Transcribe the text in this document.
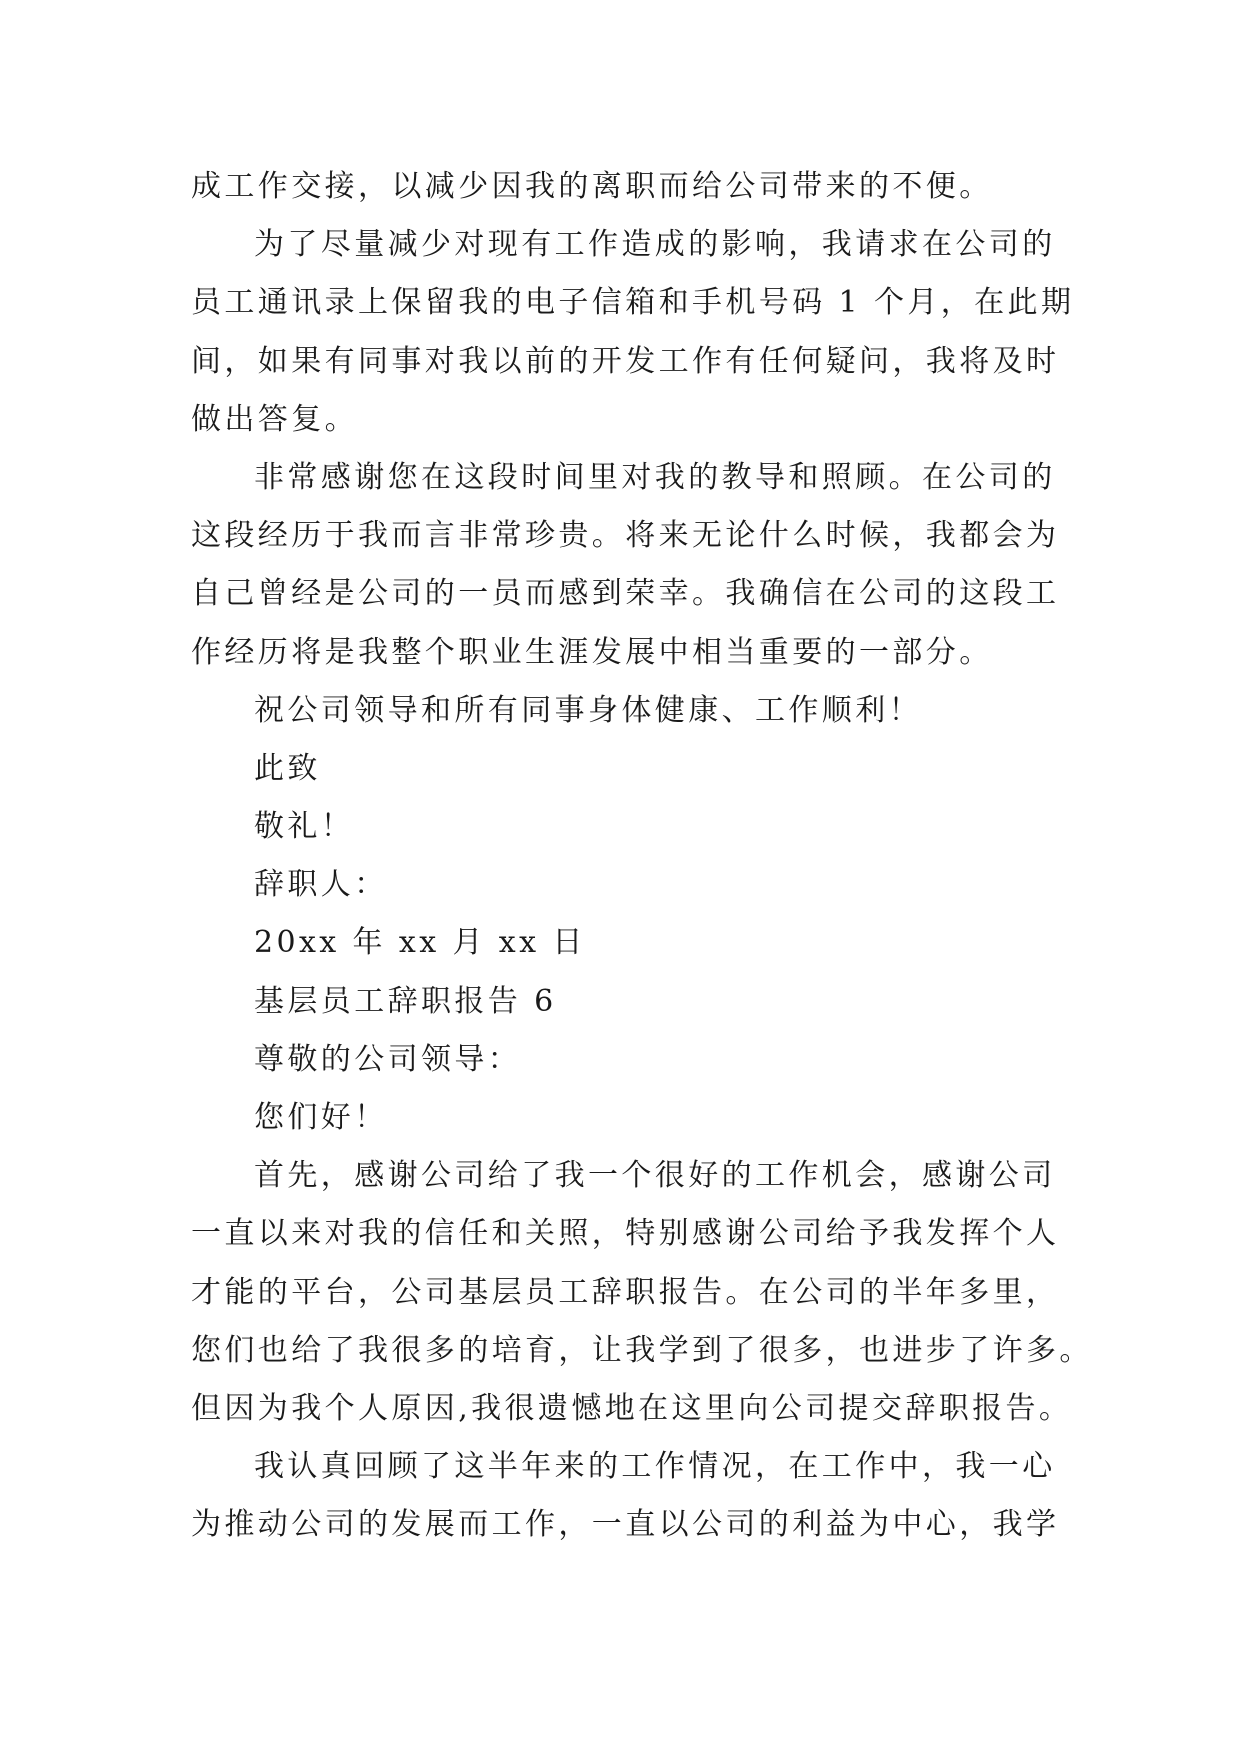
成工作交接，以减少因我的离职而给公司带来的不便。
为了尽量减少对现有工作造成的影响，我请求在公司的
员工通讯录上保留我的电子信箱和手机号码 1 个月，在此期
间，如果有同事对我以前的开发工作有任何疑问，我将及时
做出答复。
非常感谢您在这段时间里对我的教导和照顾。在公司的
这段经历于我而言非常珍贵。将来无论什么时候，我都会为
自己曾经是公司的一员而感到荣幸。我确信在公司的这段工
作经历将是我整个职业生涯发展中相当重要的一部分。
祝公司领导和所有同事身体健康、工作顺利！
此致
敬礼！
辞职人：
20xx 年 xx 月 xx 日
基层员工辞职报告 6
尊敬的公司领导：
您们好！
首先，感谢公司给了我一个很好的工作机会，感谢公司
一直以来对我的信任和关照，特别感谢公司给予我发挥个人
才能的平台，公司基层员工辞职报告。在公司的半年多里，
您们也给了我很多的培育，让我学到了很多，也进步了许多。
但因为我个人原因,我很遗憾地在这里向公司提交辞职报告。
我认真回顾了这半年来的工作情况，在工作中，我一心
为推动公司的发展而工作，一直以公司的利益为中心，我学
